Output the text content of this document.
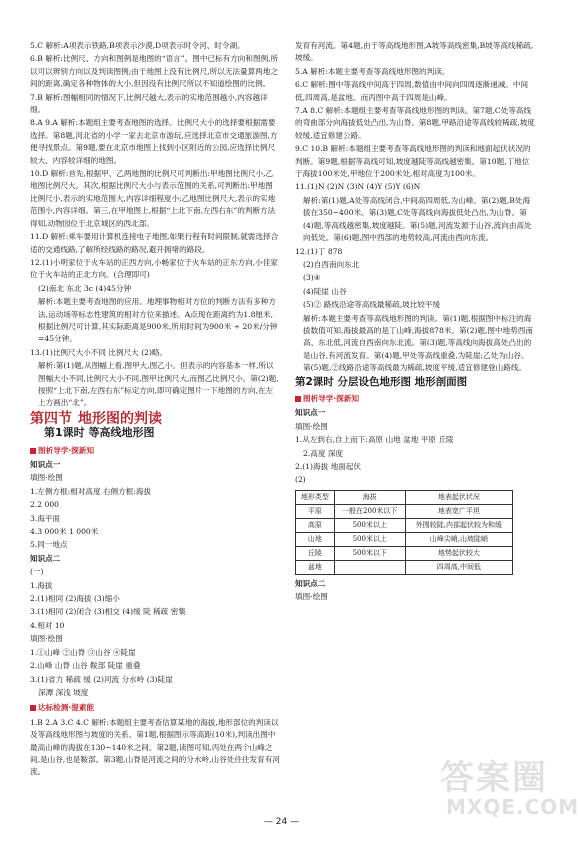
5.C 解析:A项表示铁路,B项表示沙漠,D项表示时令河、时令湖。

6.B 解析:比例尺、方向和图例是地图的“语言”。图中已标有方向和图例,所以可以辨别方向以及判读图例;由于地图上没有比例尺,所以无法量算两地之间的距离,确定各种物体的大小,但因没有比例尺所以不知道绘图的比例。

7.B 解析:图幅相同的情况下,比例尺越大,表示的实地范围越小,内容越详细。

8.A 9.A 解析:本题组主要考查地图的选择。比例尺大小的选择要根据需要选择。第8题,河北省的小学一家去北京市游玩,应选择北京市交通旅游图,方便寻找景点。第9题,要在北京市地图上找到小区附近的公园,应选择比例尺较大、内容较详细的地图。

10.D 解析:首先,根据甲、乙两地图的比例尺可判断出:甲地图比例尺小,乙地图比例尺大。其次,根据比例尺大小与表示范围的关系,可判断出:甲地图比例尺小,表示的实地范围大,内容详细程度小;乙地图比例尺大,表示的实地范围小,内容详细。第三,在甲地图上,根据“上北下南,左西右东”的判断方法得知,动物园位于北京城区的西北部。

11.D 解析:乘车要用计算机连接电子地图,如果行程有时间限制,就需选择合适的交通线路,了解所经线路的路况,避开拥堵的路段。

12.(1)小明家位于火车站的正西方向,小畅家位于火车站的正东方向,小佳家位于火车站的正北方向。(合理即可)

(2)南北 东北 3c (4)45分钟

解析:本题主要考查地图的应用。地理事物相对方位的判断方法有多种方法,运动场等标志性建筑的相对方位来描述。A点现在距离约为1.8厘米,根据比例尺可计算,其实际距离是900米,所用时间为900米 ÷ 20米/分钟=45分钟。

13.(1)比例尺大小不同 比例尺大 (2)略。

解析:第(1)题,从图幅上看,图甲大,图乙小。但表示的内容基本一样,所以图幅大小不同,比例尺大小不同,图甲比例尺大,而图乙比例尺小。第(2)题,按照“上北下南,左西右东”标定方向,即可确定图片一下地图的方向,在左上方画出“北”。

第四节 地形图的判读
第1课时 等高线地形图
图析导学·探新知

知识点一

填图·绘图

1.左侧方框:相对高度 右侧方框:海拔

2.2 000

3.海平面

4.3 000米 1 000米

5.同一地点

知识点二

(一)

1.海拔

2.(1)相同 (2)海拔 (3)缩小

3.(1)相同 (2)闭合 (3)相交 (4)缓 陡 稀疏 密集

4.相对 10

填图·绘图

1.①山峰 ②山脊 ③山谷 ④陡崖

2.山峰 山脊 山谷 鞍部 陡崖 重叠

3.(1)省力 稀疏 缓 (2)河流 分水岭 (3)陡崖

深潭 深浅 坡度

达标检测·提素能

1.B 2.A 3.C 4.C 解析:本题组主要考查估算某地的海拔,地形部位的判读以及等高线地形图与坡度的关系。第1题,根据图示等高距(10米),判读出图中最高山峰的海拔在130~140米之间。第2题,读图可知,丙处在两个山峰之间,是山谷,也是鞍部。第3题,山脊是河流之间的分水岭,山谷处往往发育有河流。

发育有河流。第4题,由于等高线地形图,A坡等高线密集,B坡等高线稀疏,坡缓。

5.A 解析:本题主要考查等高线地形图的判读。

6.C 解析:图中等高线中间高于四周,数值由中间向四周逐渐递减。中间低,四周高,是盆地。而丙图中高于四周是山峰。

7.A 8.C 解析:本题组主要考查等高线地形图的判读。第7题,C处等高线的弯曲部分向海拔低处凸出,为山脊。第8题,甲路沿途等高线较稀疏,坡度较缓,适宜修建公路。

9.C 10.B 解析:本题组主要考查等高线地形图的判读和地面起伏状况的判断。第9题,根据等高线可知,坡度越陡等高线越密集。第10题,丁地位于海拔100米处,甲地位于200米处,相对高度为100米。

11.(1)N (2)N (3)N (4)Y (5)Y (6)N

解析:第(1)题,A处等高线闭合,中间高四周低,为山峰。第(2)题,B处海拔在350~400米。第(3)题,C处等高线向海拔低处凸出,为山脊。第(4)题,等高线越密集,坡度越陡。第(5)题,河流发源于山谷,流向由高处向低处。第(6)题,图中西部的地势较高,河流由西向东流。

12.(1)丁 878

(2)自西南向东北

(3)④

(4)陡崖 山谷

(5)② 路线沿途等高线最稀疏,坡比较平缓

解析:本题主要考查等高线地形图的判读。第(1)题,根据图中标注的海拔数值可知,海拔最高的是丁山峰,海拔878米。第(2)题,图中地势西南高、东北低,河流自西南向东北流。第(3)题,等高线向海拔高处凸出的是山谷,有河流发育。第(4)题,甲处等高线重叠,为陡崖;乙处为山谷。第(5)题,②线路沿途等高线最为稀疏,坡度平缓,适宜修建登山路线。

第2课时 分层设色地形图 地形剖面图
图析导学·探新知

知识点一

填图·绘图

1.从左到右,自上而下:高原 山地 盆地 平原 丘陵

2.高度 深度

2.(1)海拔 地面起伏

(2)

地形类型	海拔	地表起伏状况
平原	一般在200米以下	地表宽广平坦
高原	500米以上	外围较陡,内部起伏较为和缓
山地	500米以上	山峰尖峭,山坡陡峭
丘陵	500米以下	地势起伏较大
盆地		四周高,中间低

知识点二

填图·绘图

— 24 —
答案圈
MXQE.COM
